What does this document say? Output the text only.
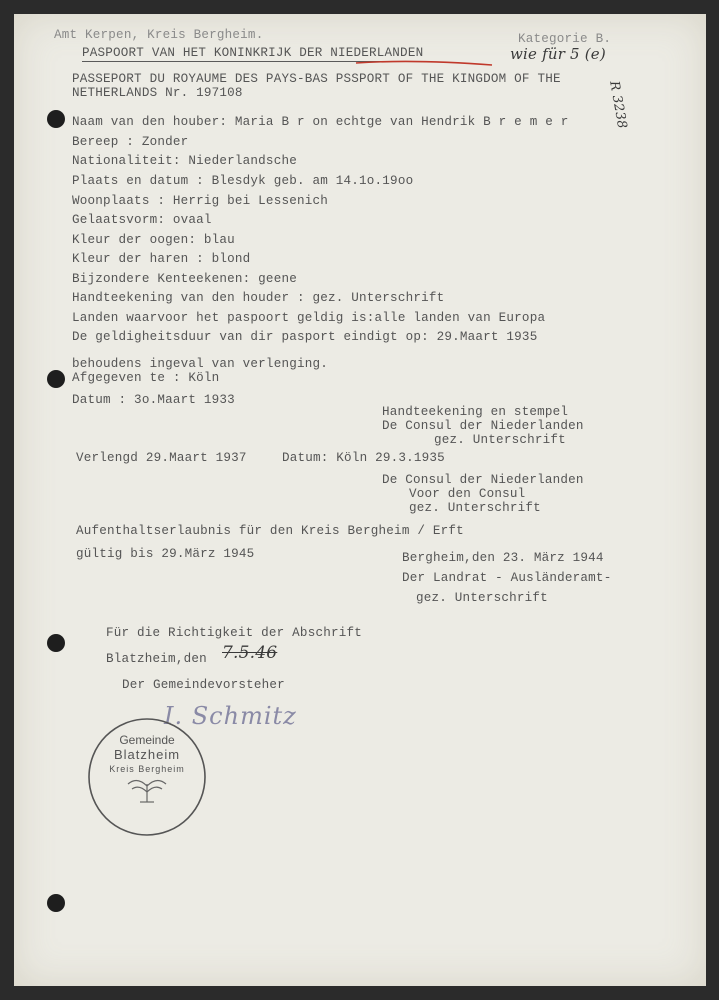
Amt Kerpen, Kreis Bergheim.	Kategorie B.
wie für 5 (e)
R 3238
PASPOORT VAN HET KONINKRIJK DER NIEDERLANDEN
PASSEPORT DU ROYAUME DES PAYS-BAS PSSPORT OF THE KINGDOM OF THE
NETHERLANDS Nr. 197108
Naam van den houber: Maria B r on echtge van Hendrik B r e m e r
Bereep : Zonder
Nationaliteit: Niederlandsche
Plaats en datum : Blesdyk geb. am 14.1o.19oo
Woonplaats : Herrig bei Lessenich
Gelaatsvorm: ovaal
Kleur der oogen: blau
Kleur der haren : blond
Bijzondere Kenteekenen: geene
Handteekening van den houder : gez. Unterschrift
Landen waarvoor het paspoort geldig is:alle landen van Europa
De geldigheitsduur van dir pasport eindigt op: 29.Maart 1935
behoudens ingeval van verlenging.
Afgegeven te : Köln
Datum : 3o.Maart 1933
Handteekening en stempel
De Consul der Niederlanden
gez. Unterschrift
Verlengd 29.Maart 1937	Datum: Köln 29.3.1935
De Consul der Niederlanden
Voor den Consul
gez. Unterschrift
Aufenthaltserlaubnis für den Kreis Bergheim / Erft
gültig bis 29.März 1945	Bergheim,den 23. März 1944
Der Landrat - Ausländeramt-
gez. Unterschrift
Für die Richtigkeit der Abschrift
Blatzheim,den 7.5.46
Der Gemeindevorsteher
I. Schmitz
Gemeinde
Blatzheim
Kreis Bergheim
